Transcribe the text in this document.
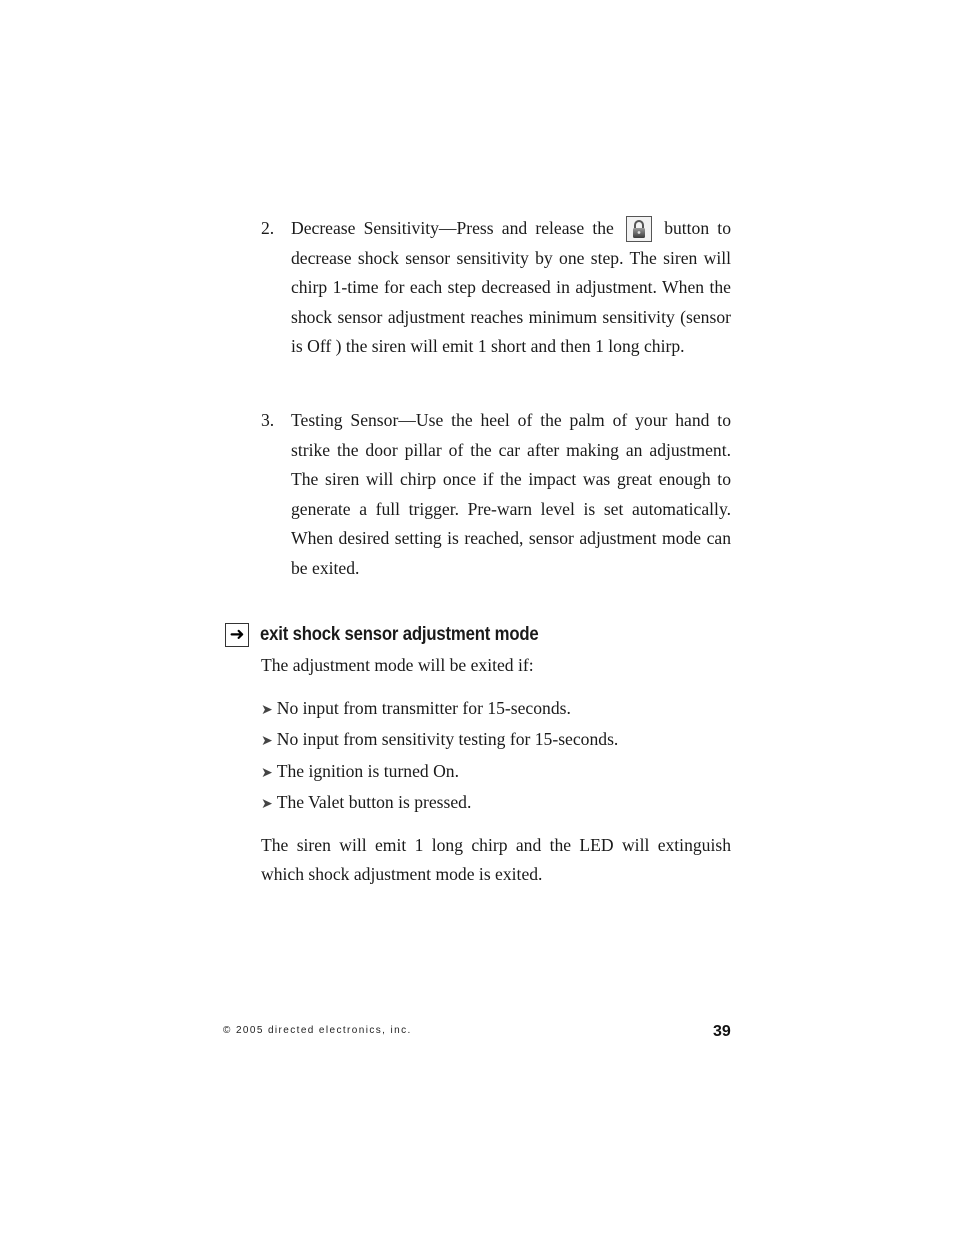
2. Decrease Sensitivity—Press and release the	button to decrease shock sensor sensitivity by one step. The siren will chirp 1-time for each step decreased in adjustment. When the shock sensor adjustment reaches minimum sensitivity (sensor is Off ) the siren will emit 1 short and then 1 long chirp.
3. Testing Sensor—Use the heel of the palm of your hand to strike the door pillar of the car after making an adjustment. The siren will chirp once if the impact was great enough to generate a full trigger. Pre-warn level is set automatically. When desired setting is reached, sensor adjustment mode can be exited.
➜ exit shock sensor adjustment mode
The adjustment mode will be exited if:
➤ No input from transmitter for 15-seconds.
➤ No input from sensitivity testing for 15-seconds.
➤ The ignition is turned On.
➤ The Valet button is pressed.
The siren will emit 1 long chirp and the LED will extinguish which shock adjustment mode is exited.
© 2005 directed electronics, inc.	39
